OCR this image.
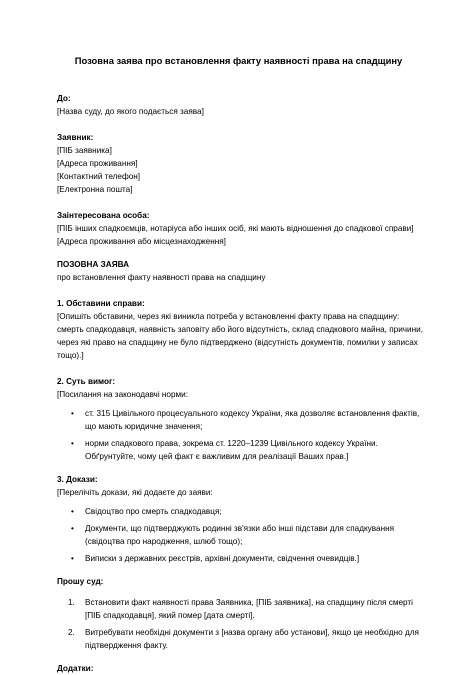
Позовна заява про встановлення факту наявності права на спадщину

До:

[Назва суду, до якого подається заява]

Заявник:

[ПІБ заявника]

[Адреса проживання]

[Контактний телефон]

[Електронна пошта]

Заінтересована особа:

[ПІБ інших спадкоємців, нотаріуса або інших осіб, які мають відношення до спадкової справи]

[Адреса проживання або місцезнаходження]

ПОЗОВНА ЗАЯВА

про встановлення факту наявності права на спадщину

1. Обставини справи:

[Опишіть обставини, через які виникла потреба у встановленні факту права на спадщину: смерть спадкодавця, наявність заповіту або його відсутність, склад спадкового майна, причини, через які право на спадщину не було підтверджено (відсутність документів, помилки у записах тощо).]

2. Суть вимог:

[Посилання на законодавчі норми:

• ст. 315 Цивільного процесуального кодексу України, яка дозволяє встановлення фактів, що мають юридичне значення;
• норми спадкового права, зокрема ст. 1220–1239 Цивільного кодексу України. Обґрунтуйте, чому цей факт є важливим для реалізації Ваших прав.]

3. Докази:

[Перелічіть докази, які додаєте до заяви:

• Свідоцтво про смерть спадкодавця;
• Документи, що підтверджують родинні зв'язки або інші підстави для спадкування (свідоцтва про народження, шлюб тощо);
• Виписки з державних реєстрів, архівні документи, свідчення очевидців.]

Прошу суд:

1. Встановити факт наявності права Заявника, [ПІБ заявника], на спадщину після смерті [ПІБ спадкодавця], який помер [дата смерті].
2. Витребувати необхідні документи з [назва органу або установи], якщо це необхідно для підтвердження факту.

Додатки:
